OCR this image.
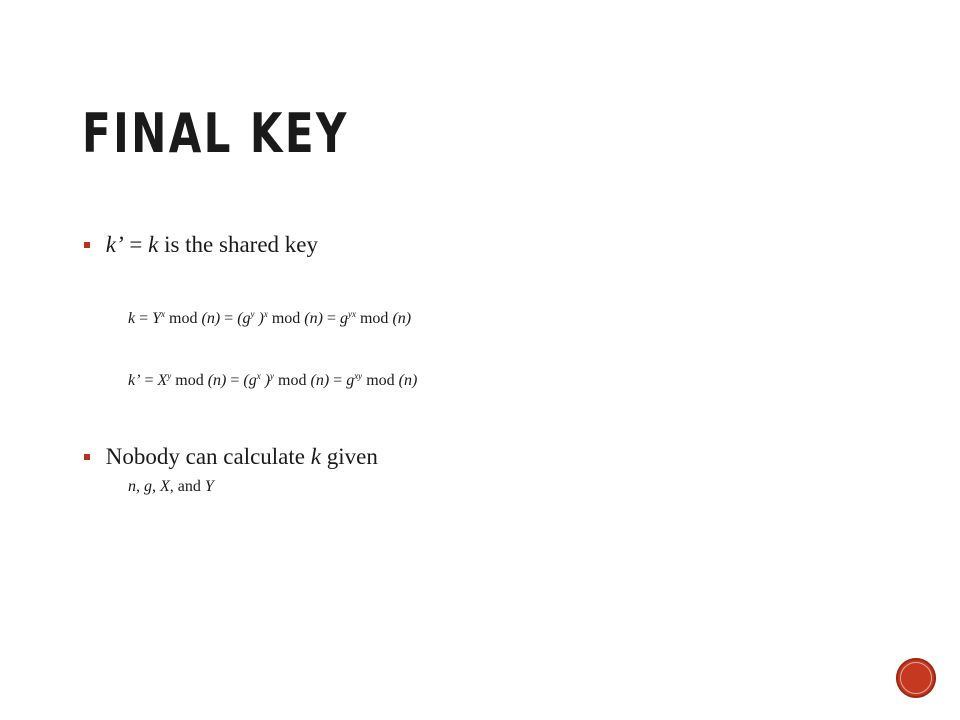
FINAL KEY
k’ = k is the shared key
$k = Y^x$ mod $(n) = (g^y$ )$^x$ mod $(n) = g^{yx}$ mod (n)
k’ = $X^y$ mod $(n) = (g^x$ )$^y$ mod $(n) = g^{xy}$ mod (n)
Nobody can calculate k given
n, g, X, and Y
